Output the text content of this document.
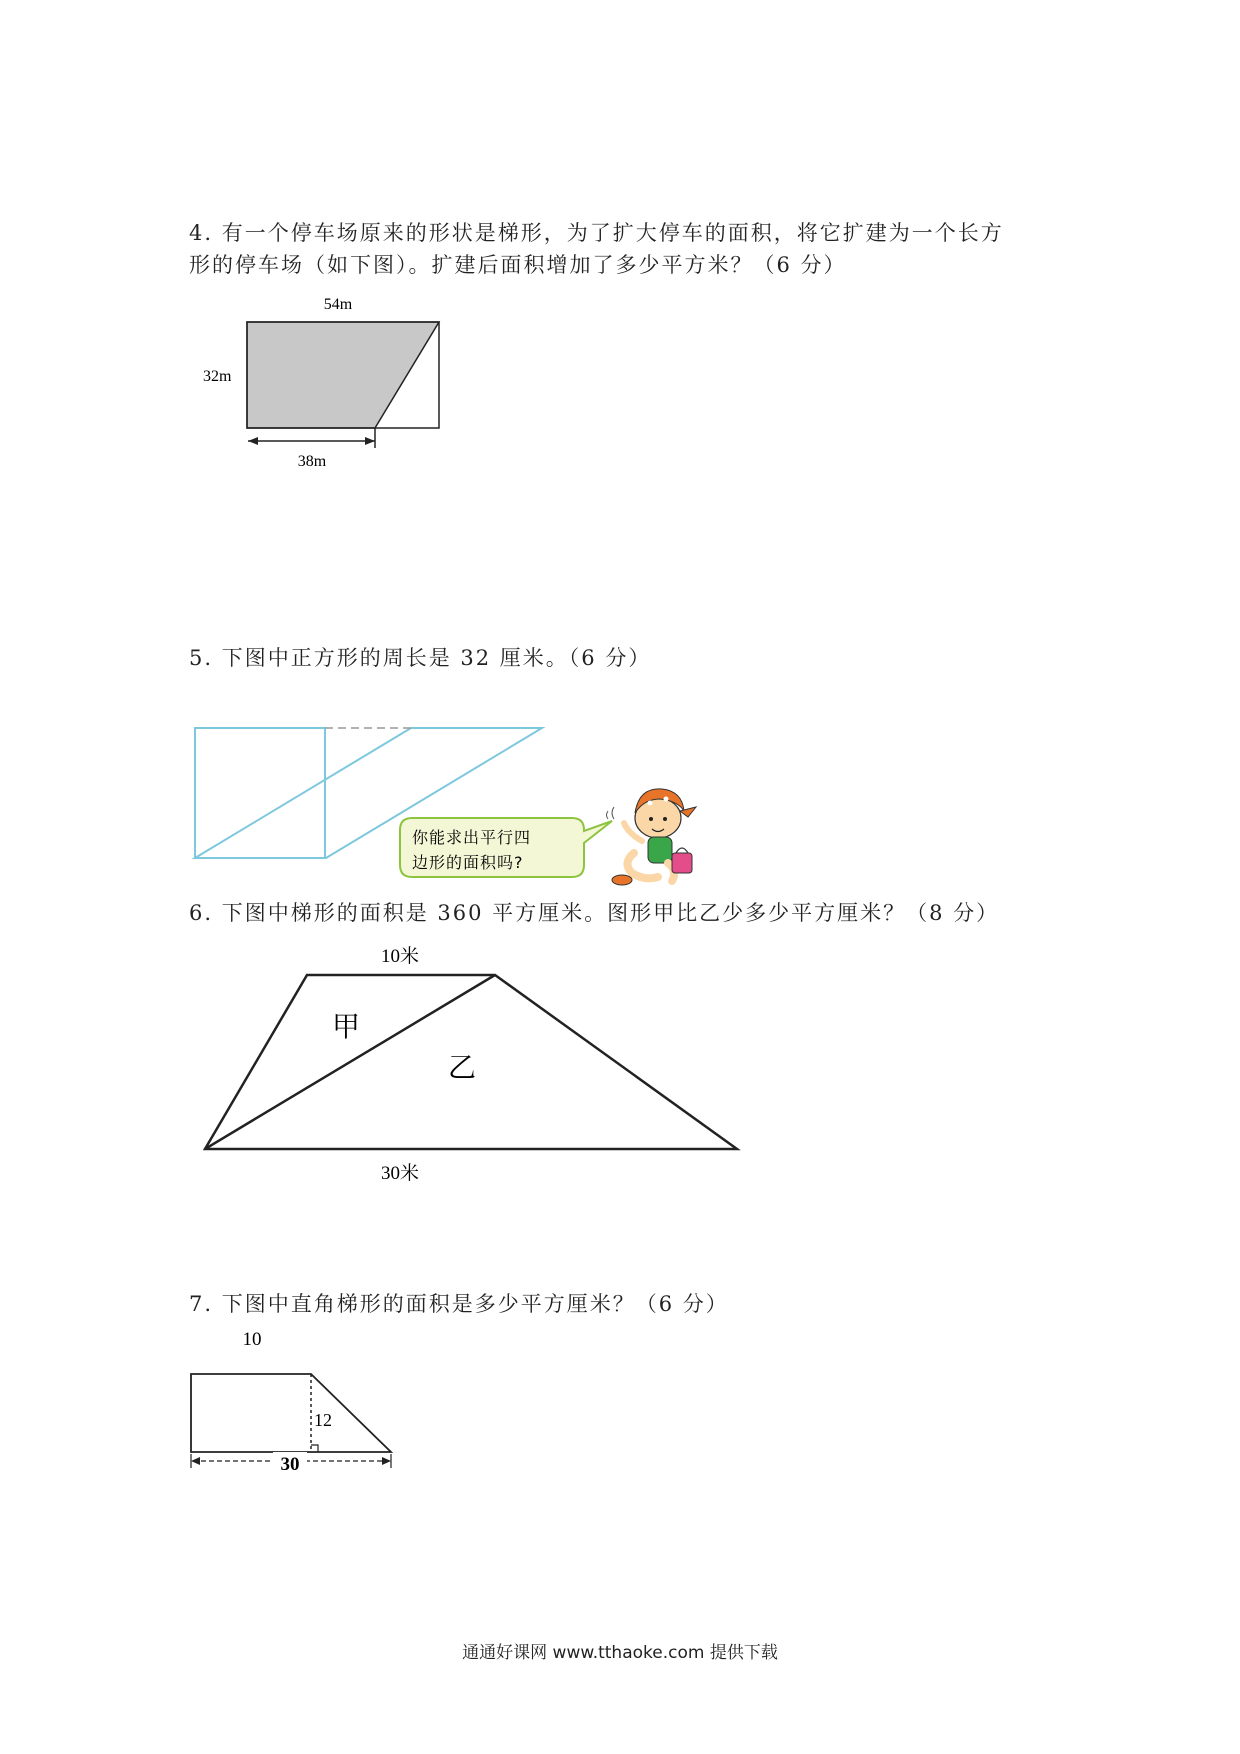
4. 有一个停车场原来的形状是梯形，为了扩大停车的面积，将它扩建为一个长方

形的停车场（如下图）。扩建后面积增加了多少平方米？（6 分）

54m
32m
38m

5. 下图中正方形的周长是 32 厘米。（6 分）

你能求出平行四
边形的面积吗?

6. 下图中梯形的面积是 360 平方厘米。图形甲比乙少多少平方厘米？（8 分）

10米
30米
甲
乙

7. 下图中直角梯形的面积是多少平方厘米？（6 分）

10
12
30
通通好课网 www.tthaoke.com 提供下载
